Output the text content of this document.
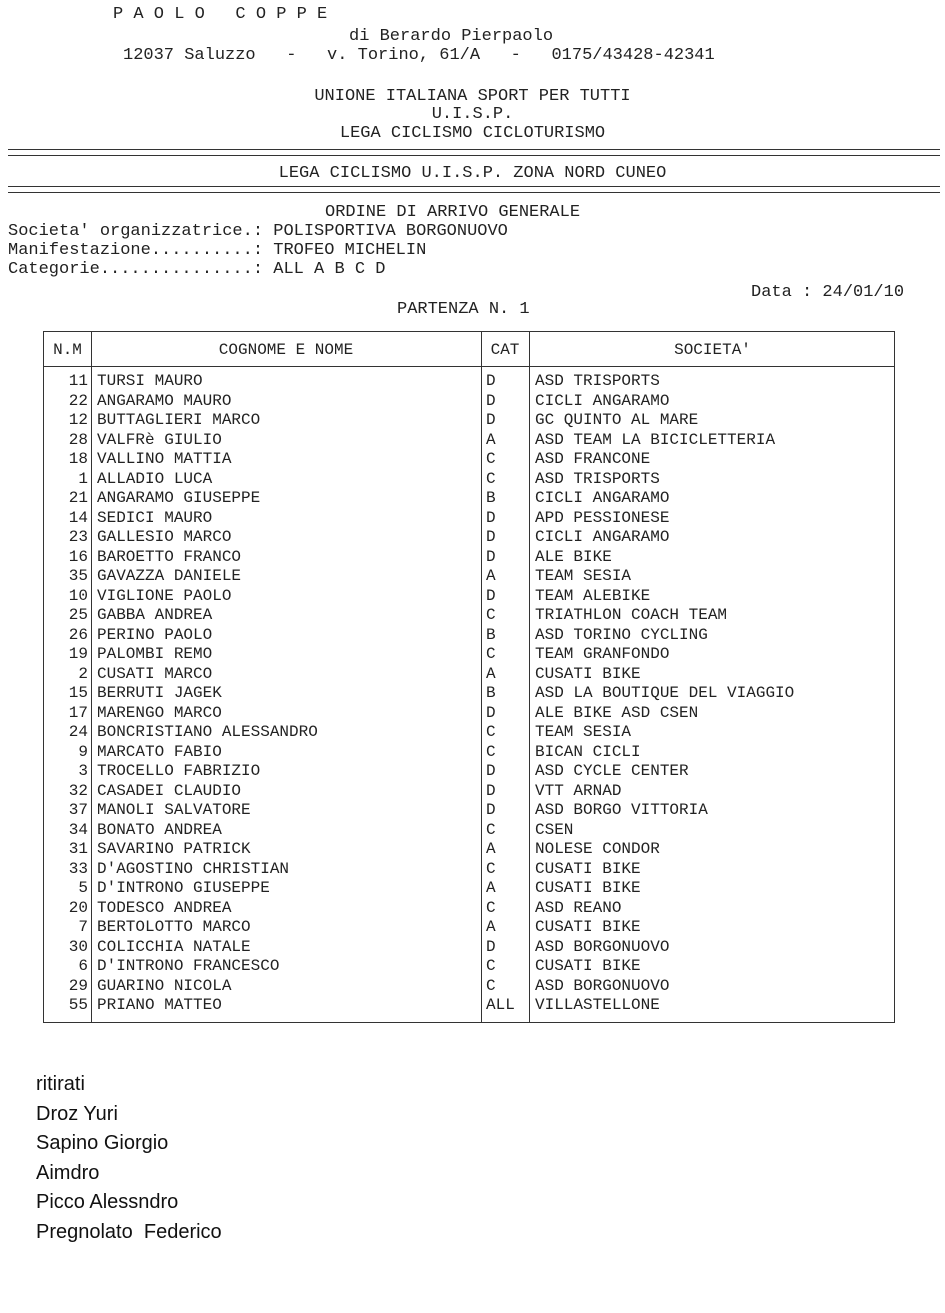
P A O L O   C O P P E
di Berardo Pierpaolo
12037 Saluzzo   -   v. Torino, 61/A   -   0175/43428-42341
UNIONE ITALIANA SPORT PER TUTTI
U.I.S.P.
LEGA CICLISMO CICLOTURISMO
LEGA CICLISMO U.I.S.P. ZONA NORD CUNEO
ORDINE DI ARRIVO GENERALE
Societa' organizzatrice.: POLISPORTIVA BORGONUOVO
Manifestazione..........: TROFEO MICHELIN
Categorie...............: ALL A B C D
Data : 24/01/10
PARTENZA N. 1
N.M	COGNOME E NOME	CAT	SOCIETA'
11 TURSI MAURO	D ASD TRISPORTS
22 ANGARAMO MAURO	D CICLI ANGARAMO
12 BUTTAGLIERI MARCO	D GC QUINTO AL MARE
28 VALFRè GIULIO	A ASD TEAM LA BICICLETTERIA
18 VALLINO MATTIA	C ASD FRANCONE
1 ALLADIO LUCA	C ASD TRISPORTS
21 ANGARAMO GIUSEPPE	B CICLI ANGARAMO
14 SEDICI MAURO	D APD PESSIONESE
23 GALLESIO MARCO	D CICLI ANGARAMO
16 BAROETTO FRANCO	D ALE BIKE
35 GAVAZZA DANIELE	A TEAM SESIA
10 VIGLIONE PAOLO	D TEAM ALEBIKE
25 GABBA ANDREA	C TRIATHLON COACH TEAM
26 PERINO PAOLO	B ASD TORINO CYCLING
19 PALOMBI REMO	C TEAM GRANFONDO
2 CUSATI MARCO	A CUSATI BIKE
15 BERRUTI JAGEK	B ASD LA BOUTIQUE DEL VIAGGIO
17 MARENGO MARCO	D ALE BIKE ASD CSEN
24 BONCRISTIANO ALESSANDRO	C TEAM SESIA
9 MARCATO FABIO	C BICAN CICLI
3 TROCELLO FABRIZIO	D ASD CYCLE CENTER
32 CASADEI CLAUDIO	D VTT ARNAD
37 MANOLI SALVATORE	D ASD BORGO VITTORIA
34 BONATO ANDREA	C CSEN
31 SAVARINO PATRICK	A NOLESE CONDOR
33 D'AGOSTINO CHRISTIAN	C CUSATI BIKE
5 D'INTRONO GIUSEPPE	A CUSATI BIKE
20 TODESCO ANDREA	C ASD REANO
7 BERTOLOTTO MARCO	A CUSATI BIKE
30 COLICCHIA NATALE	D ASD BORGONUOVO
6 D'INTRONO FRANCESCO	C CUSATI BIKE
29 GUARINO NICOLA	C ASD BORGONUOVO
55 PRIANO MATTEO	ALL VILLASTELLONE
ritirati
Droz Yuri
Sapino Giorgio
Aimdro
Picco Alessndro
Pregnolato  Federico
